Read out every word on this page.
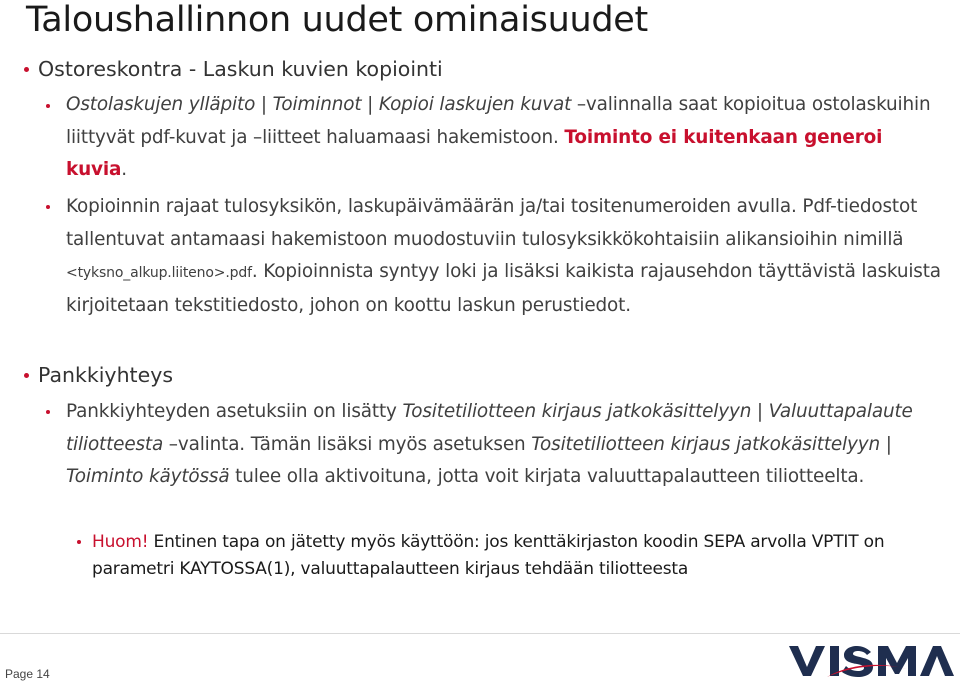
Taloushallinnon uudet ominaisuudet
Ostoreskontra - Laskun kuvien kopiointi
Ostolaskujen ylläpito | Toiminnot | Kopioi laskujen kuvat –valinnalla saat kopioitua ostolaskuihin liittyvät pdf-kuvat ja –liitteet haluamaasi hakemistoon. Toiminto ei kuitenkaan generoi kuvia.
Kopioinnin rajaat tulosyksikön, laskupäivämäärän ja/tai tositenumeroiden avulla. Pdf-tiedostot tallentuvat antamaasi hakemistoon muodostuviin tulosyksikkökohtaisiin alikansioihin nimillä <tyksno_alkup.liiteno>.pdf. Kopioinnista syntyy loki ja lisäksi kaikista rajausehdon täyttävistä laskuista kirjoitetaan tekstitiedosto, johon on koottu laskun perustiedot.
Pankkiyhteys
Pankkiyhteyden asetuksiin on lisätty Tositetiliotteen kirjaus jatkokäsittelyyn | Valuuttapalaute tiliotteesta –valinta. Tämän lisäksi myös asetuksen Tositetiliotteen kirjaus jatkokäsittelyyn | Toiminto käytössä tulee olla aktivoituna, jotta voit kirjata valuuttapalautteen tiliotteelta.
Huom! Entinen tapa on jätetty myös käyttöön: jos kenttäkirjaston koodin SEPA arvolla VPTIT on parametri KAYTOSSA(1), valuuttapalautteen kirjaus tehdään tiliotteesta
Page 14
